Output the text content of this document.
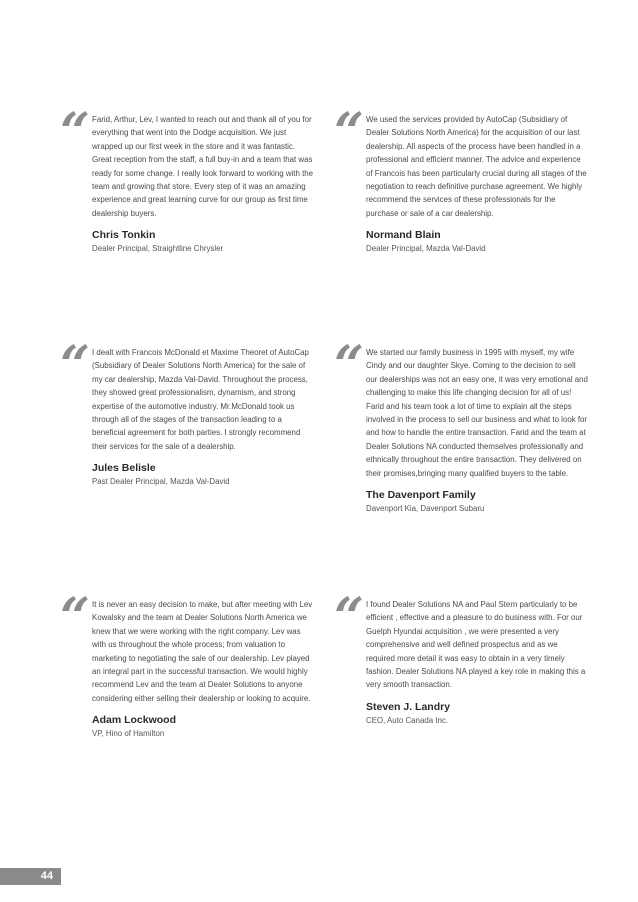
“ Farid, Arthur, Lev, I wanted to reach out and thank all of you for everything that went into the Dodge acquisition. We just wrapped up our first week in the store and it was fantastic. Great reception from the staff, a full buy-in and a team that was ready for some change. I really look forward to working with the team and growing that store. Every step of it was an amazing experience and great learning curve for our group as first time dealership buyers.

Chris Tonkin
Dealer Principal, Straightline Chrysler
“ We used the services provided by AutoCap (Subsidiary of Dealer Solutions North America) for the acquisition of our last dealership. All aspects of the process have been handled in a professional and efficient manner. The advice and experience of Francois has been particularly crucial during all stages of the negotiation to reach definitive purchase agreement. We highly recommend the services of these professionals for the purchase or sale of a car dealership.

Normand Blain
Dealer Principal, Mazda Val-David
“ I dealt with Francois McDonald et Maxime Theoret of AutoCap (Subsidiary of Dealer Solutions North America) for the sale of my car dealership, Mazda Val-David. Throughout the process, they showed great professionalism, dynamism, and strong expertise of the automotive industry. Mr.McDonald took us through all of the stages of the transaction leading to a beneficial agreement for both parties. I strongly recommend their services for the sale of a dealership.

Jules Belisle
Past Dealer Principal, Mazda Val-David
“ We started our family business in 1995 with myself, my wife Cindy and our daughter Skye. Coming to the decision to sell our dealerships was not an easy one, it was very emotional and challenging to make this life changing decision for all of us! Farid and his team took a lot of time to explain all the steps involved in the process to sell our business and what to look for and how to handle the entire transaction. Farid and the team at Dealer Solutions NA conducted themselves professionally and ethnically throughout the entire transaction. They delivered on their promises,bringing many qualified buyers to the table.

The Davenport Family
Davenport Kia, Davenport Subaru
“ It is never an easy decision to make, but after meeting with Lev Kowalsky and the team at Dealer Solutions North America we knew that we were working with the right company. Lev was with us throughout the whole process; from valuation to marketing to negotiating the sale of our dealership. Lev played an integral part in the successful transaction. We would highly recommend Lev and the team at Dealer Solutions to anyone considering either selling their dealership or looking to acquire.

Adam Lockwood
VP, Hino of Hamilton
“ I found Dealer Solutions NA and Paul Stern particularly to be efficient , effective and a pleasure to do business with. For our Guelph Hyundai acquisition , we were presented a very comprehensive and well defined prospectus and as we required more detail it was easy to obtain in a very timely fashion. Dealer Solutions NA played a key role in making this a very smooth transaction.

Steven J. Landry
CEO, Auto Canada Inc.
44
